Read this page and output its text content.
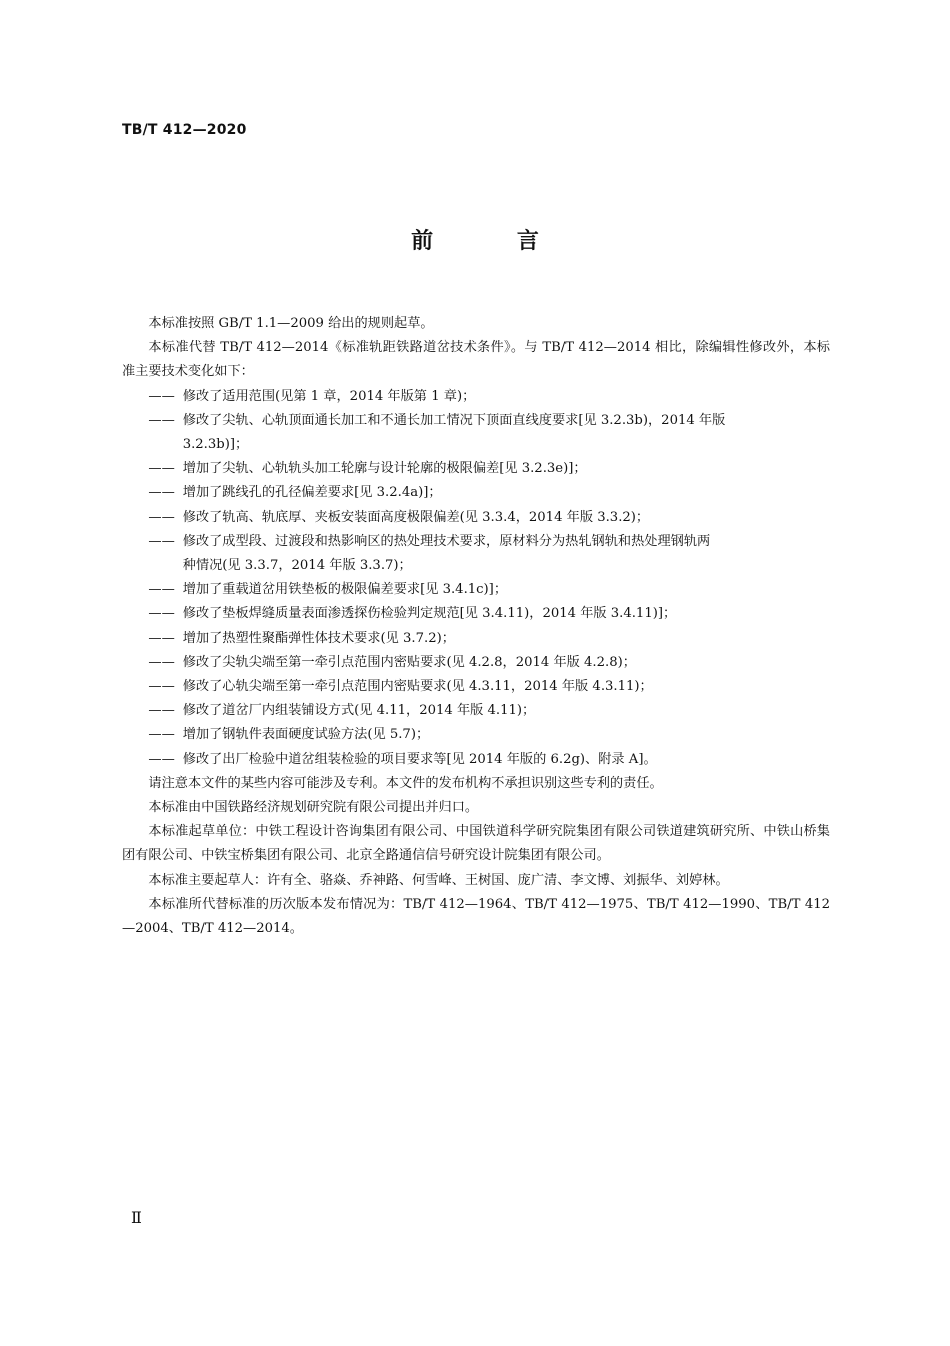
TB/T 412—2020
前 言

本标准按照 GB/T 1.1—2009 给出的规则起草。

本标准代替 TB/T 412—2014《标准轨距铁路道岔技术条件》。与 TB/T 412—2014 相比，除编辑性修改外，本标准主要技术变化如下：

—— 修改了适用范围(见第 1 章，2014 年版第 1 章)；

—— 修改了尖轨、心轨顶面通长加工和不通长加工情况下顶面直线度要求[见 3.2.3b)，2014 年版
3.2.3b)]；

—— 增加了尖轨、心轨轨头加工轮廓与设计轮廓的极限偏差[见 3.2.3e)]；

—— 增加了跳线孔的孔径偏差要求[见 3.2.4a)]；

—— 修改了轨高、轨底厚、夹板安装面高度极限偏差(见 3.3.4，2014 年版 3.3.2)；

—— 修改了成型段、过渡段和热影响区的热处理技术要求，原材料分为热轧钢轨和热处理钢轨两
种情况(见 3.3.7，2014 年版 3.3.7)；

—— 增加了重载道岔用铁垫板的极限偏差要求[见 3.4.1c)]；

—— 修改了垫板焊缝质量表面渗透探伤检验判定规范[见 3.4.11)，2014 年版 3.4.11)]；

—— 增加了热塑性聚酯弹性体技术要求(见 3.7.2)；

—— 修改了尖轨尖端至第一牵引点范围内密贴要求(见 4.2.8，2014 年版 4.2.8)；

—— 修改了心轨尖端至第一牵引点范围内密贴要求(见 4.3.11，2014 年版 4.3.11)；

—— 修改了道岔厂内组装铺设方式(见 4.11，2014 年版 4.11)；

—— 增加了钢轨件表面硬度试验方法(见 5.7)；

—— 修改了出厂检验中道岔组装检验的项目要求等[见 2014 年版的 6.2g)、附录 A]。

请注意本文件的某些内容可能涉及专利。本文件的发布机构不承担识别这些专利的责任。

本标准由中国铁路经济规划研究院有限公司提出并归口。

本标准起草单位：中铁工程设计咨询集团有限公司、中国铁道科学研究院集团有限公司铁道建筑研究所、中铁山桥集团有限公司、中铁宝桥集团有限公司、北京全路通信信号研究设计院集团有限公司。

本标准主要起草人：许有全、骆焱、乔神路、何雪峰、王树国、庞广清、李文博、刘振华、刘婷林。

本标准所代替标准的历次版本发布情况为：TB/T 412—1964、TB/T 412—1975、TB/T 412—1990、TB/T 412—2004、TB/T 412—2014。

Ⅱ
